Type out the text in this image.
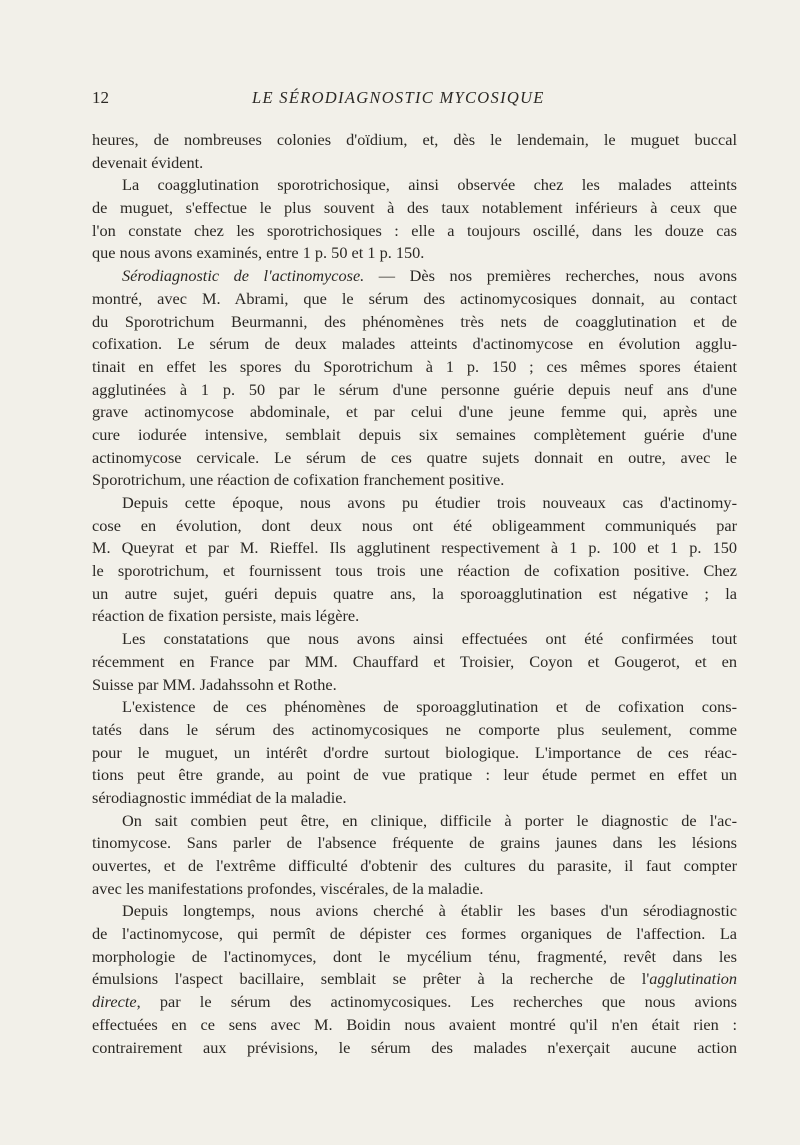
12	LE SÉRODIAGNOSTIC MYCOSIQUE
heures, de nombreuses colonies d'oïdium, et, dès le lendemain, le muguet buccal
devenait évident.
La coagglutination sporotrichosique, ainsi observée chez les malades atteints
de muguet, s'effectue le plus souvent à des taux notablement inférieurs à ceux que
l'on constate chez les sporotrichosiques : elle a toujours oscillé, dans les douze cas
que nous avons examinés, entre 1 p. 50 et 1 p. 150.
Sérodiagnostic de l'actinomycose. — Dès nos premières recherches, nous avons
montré, avec M. Abrami, que le sérum des actinomycosiques donnait, au contact
du Sporotrichum Beurmanni, des phénomènes très nets de coagglutination et de
cofixation. Le sérum de deux malades atteints d'actinomycose en évolution agglu-
tinait en effet les spores du Sporotrichum à 1 p. 150 ; ces mêmes spores étaient
agglutinées à 1 p. 50 par le sérum d'une personne guérie depuis neuf ans d'une
grave actinomycose abdominale, et par celui d'une jeune femme qui, après une
cure iodurée intensive, semblait depuis six semaines complètement guérie d'une
actinomycose cervicale. Le sérum de ces quatre sujets donnait en outre, avec le
Sporotrichum, une réaction de cofixation franchement positive.
Depuis cette époque, nous avons pu étudier trois nouveaux cas d'actinomy-
cose en évolution, dont deux nous ont été obligeamment communiqués par
M. Queyrat et par M. Rieffel. Ils agglutinent respectivement à 1 p. 100 et 1 p. 150
le sporotrichum, et fournissent tous trois une réaction de cofixation positive. Chez
un autre sujet, guéri depuis quatre ans, la sporoagglutination est négative ; la
réaction de fixation persiste, mais légère.
Les constatations que nous avons ainsi effectuées ont été confirmées tout
récemment en France par MM. Chauffard et Troisier, Coyon et Gougerot, et en
Suisse par MM. Jadahssohn et Rothe.
L'existence de ces phénomènes de sporoagglutination et de cofixation cons-
tatés dans le sérum des actinomycosiques ne comporte plus seulement, comme
pour le muguet, un intérêt d'ordre surtout biologique. L'importance de ces réac-
tions peut être grande, au point de vue pratique : leur étude permet en effet un
sérodiagnostic immédiat de la maladie.
On sait combien peut être, en clinique, difficile à porter le diagnostic de l'ac-
tinomycose. Sans parler de l'absence fréquente de grains jaunes dans les lésions
ouvertes, et de l'extrême difficulté d'obtenir des cultures du parasite, il faut compter
avec les manifestations profondes, viscérales, de la maladie.
Depuis longtemps, nous avions cherché à établir les bases d'un sérodiagnostic
de l'actinomycose, qui permît de dépister ces formes organiques de l'affection. La
morphologie de l'actinomyces, dont le mycélium ténu, fragmenté, revêt dans les
émulsions l'aspect bacillaire, semblait se prêter à la recherche de l'agglutination
directe, par le sérum des actinomycosiques. Les recherches que nous avions
effectuées en ce sens avec M. Boidin nous avaient montré qu'il n'en était rien :
contrairement aux prévisions, le sérum des malades n'exerçait aucune action
